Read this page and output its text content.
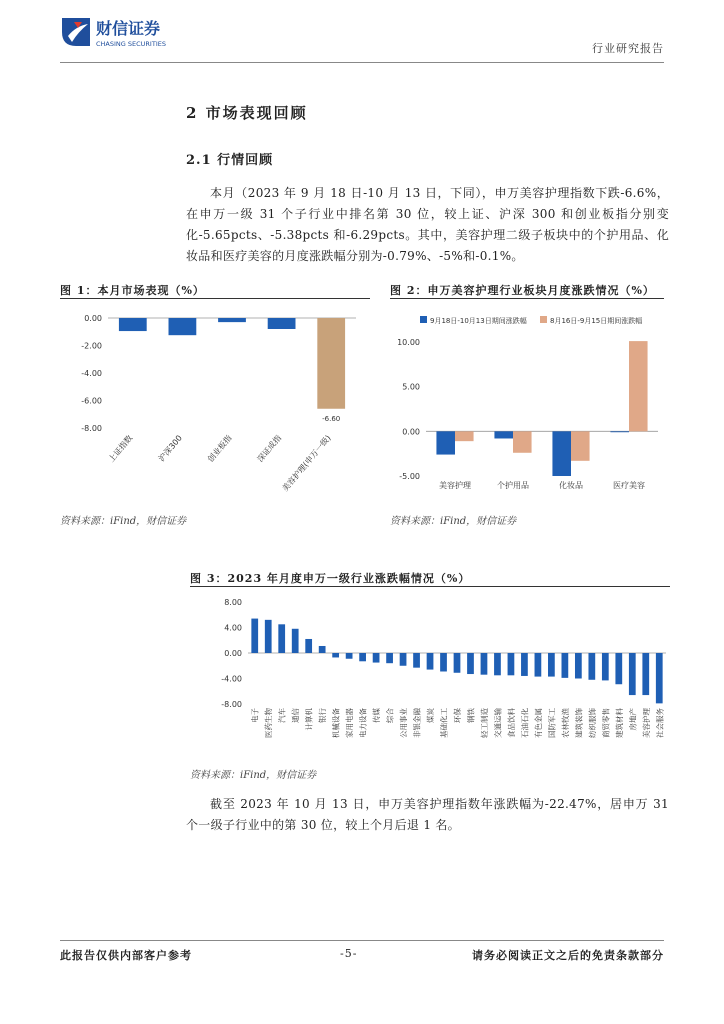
财信证券
CHASING SECURITIES	行业研究报告
2 市场表现回顾
2.1 行情回顾

本月（2023 年 9 月 18 日-10 月 13 日，下同），申万美容护理指数下跌-6.6%，在申万一级 31 个子行业中排名第 30 位，较上证、沪深 300 和创业板指分别变化-5.65pcts、-5.38pcts 和-6.29pcts。其中，美容护理二级子板块中的个护用品、化妆品和医疗美容的月度涨跌幅分别为-0.79%、-5%和-0.1%。

图 1：本月市场表现（%）
0.00
-2.00
-4.00
-6.00
-8.00
上证指数	沪深300	创业板指	深证成指
美容护理(申万一级)
-6.60
资料来源：iFind，财信证券
图 2：申万美容护理行业板块月度涨跌情况（%）
9月18日-10月13日期间涨跌幅	8月16日-9月15日期间涨跌幅
10.00
5.00
0.00
-5.00
美容护理	个护用品	化妆品	医疗美容
资料来源：iFind，财信证券
图 3：2023 年月度申万一级行业涨跌幅情况（%）
8.00
4.00
0.00
-4.00
-8.00
电子 医药生物 汽车 通信 计算机 银行 机械设备 家用电器 电力设备 传媒 综合 公用事业 非银金融 煤炭 基础化工 环保 钢铁 轻工制造 交通运输 食品饮料 石油石化 有色金属 国防军工 农林牧渔 建筑装饰 纺织服饰 商贸零售 建筑材料 房地产 美容护理 社会服务
资料来源：iFind，财信证券

截至 2023 年 10 月 13 日，申万美容护理指数年涨跌幅为-22.47%，居申万 31 个一级子行业中的第 30 位，较上个月后退 1 名。

此报告仅供内部客户参考	-5-	请务必阅读正文之后的免责条款部分
